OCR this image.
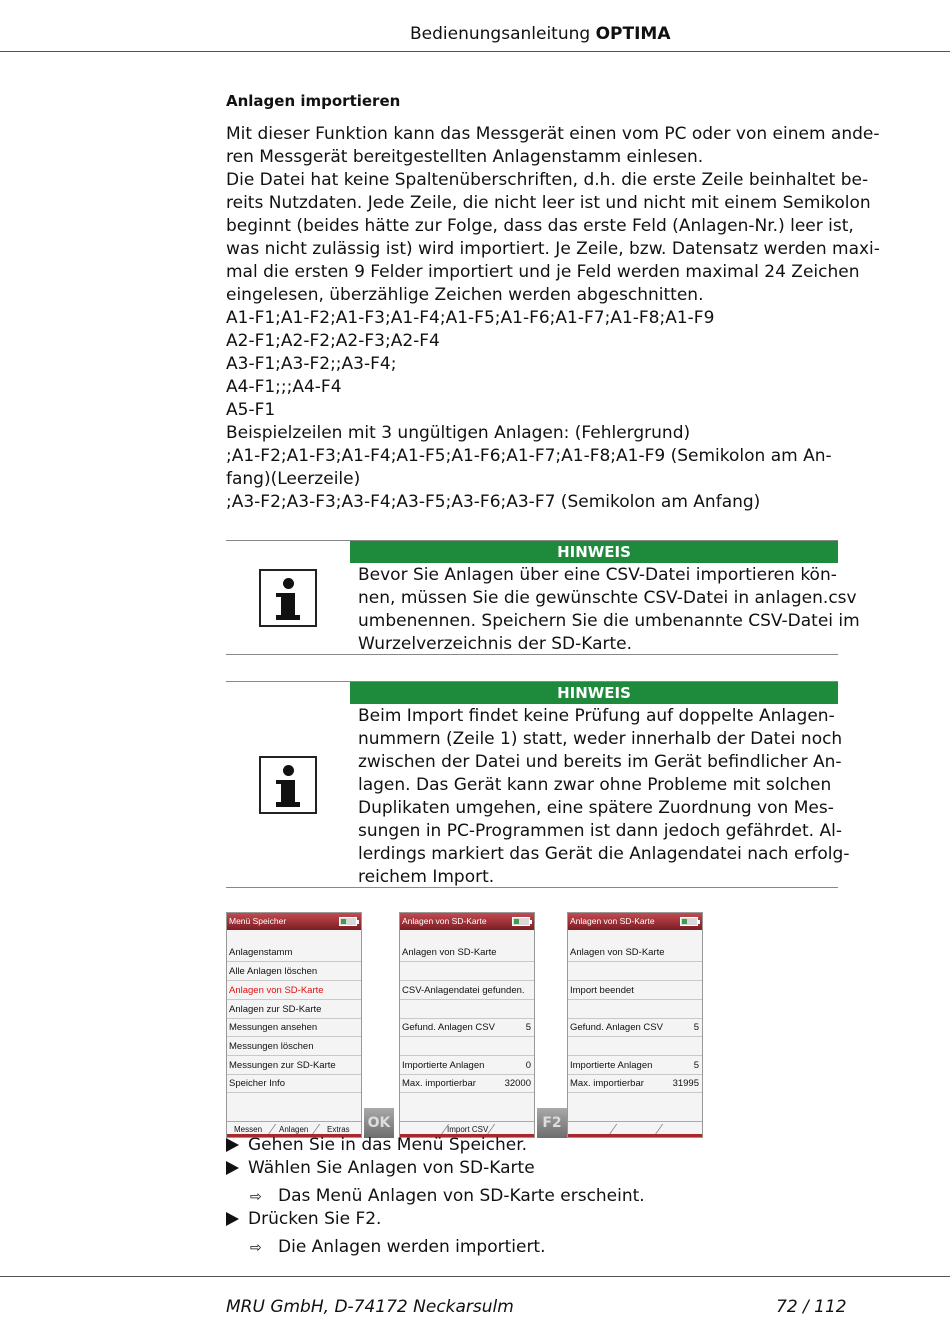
Bedienungsanleitung OPTIMA
Anlagen importieren
Mit dieser Funktion kann das Messgerät einen vom PC oder von einem ande-
ren Messgerät bereitgestellten Anlagenstamm einlesen.
Die Datei hat keine Spaltenüberschriften, d.h. die erste Zeile beinhaltet be-
reits Nutzdaten. Jede Zeile, die nicht leer ist und nicht mit einem Semikolon
beginnt (beides hätte zur Folge, dass das erste Feld (Anlagen-Nr.) leer ist,
was nicht zulässig ist) wird importiert. Je Zeile, bzw. Datensatz werden maxi-
mal die ersten 9 Felder importiert und je Feld werden maximal 24 Zeichen
eingelesen, überzählige Zeichen werden abgeschnitten.
A1-F1;A1-F2;A1-F3;A1-F4;A1-F5;A1-F6;A1-F7;A1-F8;A1-F9
A2-F1;A2-F2;A2-F3;A2-F4
A3-F1;A3-F2;;A3-F4;
A4-F1;;;A4-F4
A5-F1
Beispielzeilen mit 3 ungültigen Anlagen: (Fehlergrund)
;A1-F2;A1-F3;A1-F4;A1-F5;A1-F6;A1-F7;A1-F8;A1-F9 (Semikolon am An-
fang)(Leerzeile)
;A3-F2;A3-F3;A3-F4;A3-F5;A3-F6;A3-F7 (Semikolon am Anfang)
HINWEIS
Bevor Sie Anlagen über eine CSV-Datei importieren kön-
nen, müssen Sie die gewünschte CSV-Datei in anlagen.csv
umbenennen. Speichern Sie die umbenannte CSV-Datei im
Wurzelverzeichnis der SD-Karte.
HINWEIS
Beim Import findet keine Prüfung auf doppelte Anlagen-
nummern (Zeile 1) statt, weder innerhalb der Datei noch
zwischen der Datei und bereits im Gerät befindlicher An-
lagen. Das Gerät kann zwar ohne Probleme mit solchen
Duplikaten umgehen, eine spätere Zuordnung von Mes-
sungen in PC-Programmen ist dann jedoch gefährdet. Al-
lerdings markiert das Gerät die Anlagendatei nach erfolg-
reichem Import.
Menü Speicher
Anlagenstamm
Alle Anlagen löschen
Anlagen von SD-Karte
Anlagen zur SD-Karte
Messungen ansehen
Messungen löschen
Messungen zur SD-Karte
Speicher Info
Messen Anlagen Extras OK
Anlagen von SD-Karte
Anlagen von SD-Karte
CSV-Anlagendatei gefunden.
Gefund. Anlagen CSV	5
Importierte Anlagen	0
Max. importierbar	32000
Import CSV	F2
Anlagen von SD-Karte
Anlagen von SD-Karte
Import beendet
Gefund. Anlagen CSV	5
Importierte Anlagen	5
Max. importierbar	31995
Gehen Sie in das Menü Speicher.
Wählen Sie Anlagen von SD-Karte
⇨ Das Menü Anlagen von SD-Karte erscheint.
Drücken Sie F2.
⇨ Die Anlagen werden importiert.
MRU GmbH, D-74172 Neckarsulm	72 / 112
